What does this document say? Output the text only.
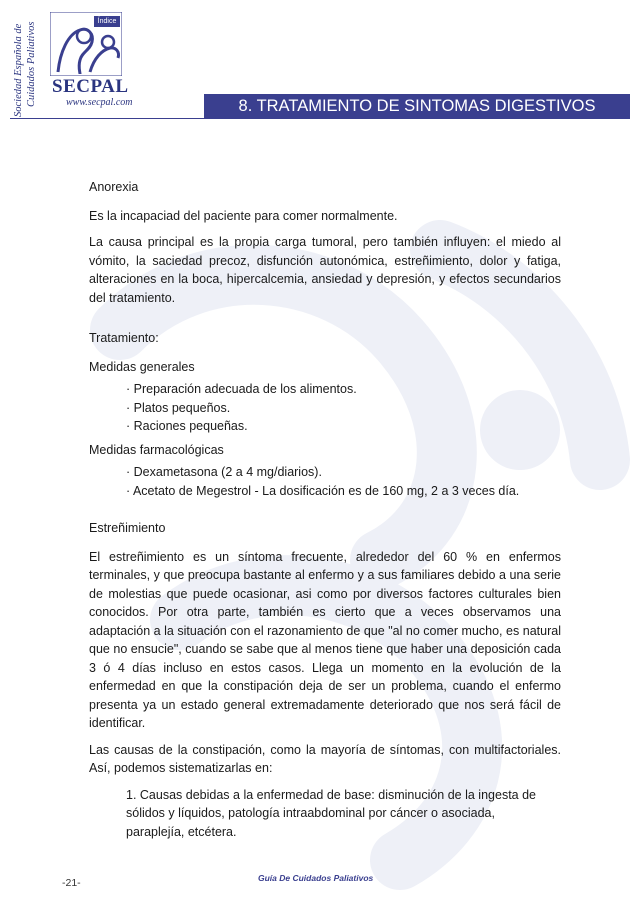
Sociedad Española de Cuidados Paliativos
Índice
SECPAL
www.secpal.com	8. TRATAMIENTO DE SINTOMAS DIGESTIVOS
Anorexia

Es la incapaciad del paciente para comer normalmente.

La causa principal es la propia carga tumoral, pero también influyen: el miedo al vómito, la saciedad precoz, disfunción autonómica, estreñimiento, dolor y fatiga, alteraciones en la boca, hipercalcemia, ansiedad y depresión, y efectos secundarios del tratamiento.

Tratamiento:
Medidas generales
· Preparación adecuada de los alimentos.
· Platos pequeños.
· Raciones pequeñas.
Medidas farmacológicas
· Dexametasona (2 a 4 mg/diarios).
· Acetato de Megestrol - La dosificación es de 160 mg, 2 a 3 veces día.
Estreñimiento

El estreñimiento es un síntoma frecuente, alrededor del 60 % en enfermos terminales, y que preocupa bastante al enfermo y a sus familiares debido a una serie de molestias que puede ocasionar, asi como por diversos factores culturales bien conocidos. Por otra parte, también es cierto que a veces observamos una adaptación a la situación con el razonamiento de que "al no comer mucho, es natural que no ensucie", cuando se sabe que al menos tiene que haber una deposición cada 3 ó 4 días incluso en estos casos. Llega un momento en la evolución de la enfermedad en que la constipación deja de ser un problema, cuando el enfermo presenta ya un estado general extremadamente deteriorado que nos será fácil de identificar.

Las causas de la constipación, como la mayoría de síntomas, con multifactoriales. Así, podemos sistematizarlas en:

1. Causas debidas a la enfermedad de base: disminución de la ingesta de sólidos y líquidos, patología intraabdominal por cáncer o asociada, paraplejía, etcétera.
-21-	Guía De Cuidados Paliativos
